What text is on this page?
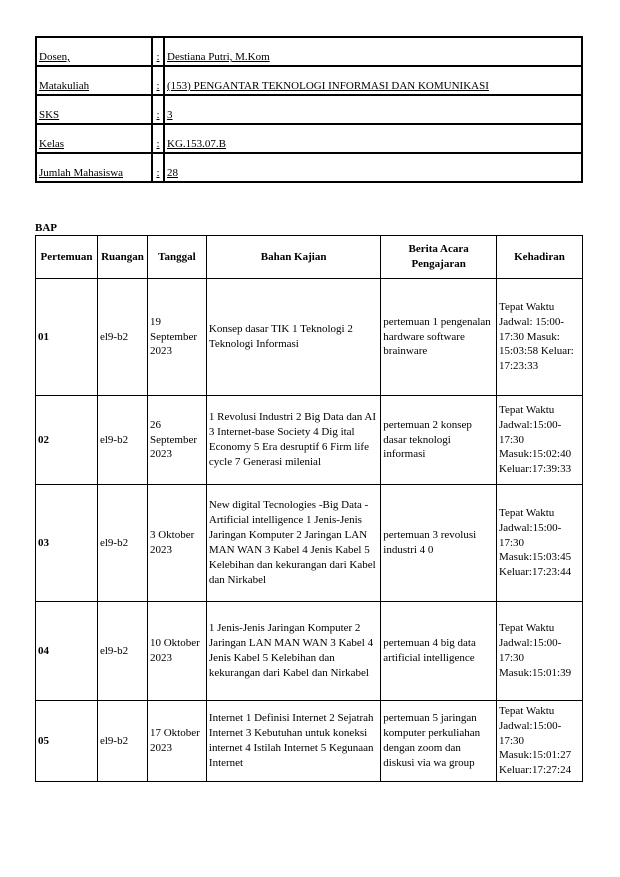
Dosen,	:	Destiana Putri, M.Kom
Matakuliah	:	(153) PENGANTAR TEKNOLOGI INFORMASI DAN KOMUNIKASI
SKS	:	3
Kelas	:	KG.153.07.B
Jumlah Mahasiswa	:	28
BAP
Pertemuan	Ruangan	Tanggal	Bahan Kajian	Berita Acara Pengajaran	Kehadiran
01	el9-b2	19 September 2023	Konsep dasar TIK 1 Teknologi 2 Teknologi Informasi	pertemuan 1 pengenalan hardware software brainware	Tepat Waktu Jadwal: 15:00-17:30 Masuk: 15:03:58 Keluar: 17:23:33
02	el9-b2	26 September 2023	1 Revolusi Industri 2 Big Data dan AI 3 Internet-base Society 4 Dig ital Economy 5 Era desruptif 6 Firm life cycle 7 Generasi milenial	pertemuan 2 konsep dasar teknologi informasi	Tepat Waktu Jadwal:15:00-17:30 Masuk:15:02:40 Keluar:17:39:33
03	el9-b2	3 Oktober 2023	New digital Tecnologies -Big Data -Artificial intelligence 1 Jenis-Jenis Jaringan Komputer 2 Jaringan LAN MAN WAN 3 Kabel 4 Jenis Kabel 5 Kelebihan dan kekurangan dari Kabel dan Nirkabel	pertemuan 3 revolusi industri 4 0	Tepat Waktu Jadwal:15:00-17:30 Masuk:15:03:45 Keluar:17:23:44
04	el9-b2	10 Oktober 2023	1 Jenis-Jenis Jaringan Komputer 2 Jaringan LAN MAN WAN 3 Kabel 4 Jenis Kabel 5 Kelebihan dan kekurangan dari Kabel dan Nirkabel	pertemuan 4 big data artificial intelligence	Tepat Waktu Jadwal:15:00-17:30 Masuk:15:01:39
05	el9-b2	17 Oktober 2023	Internet 1 Definisi Internet 2 Sejatrah Internet 3 Kebutuhan untuk koneksi internet 4 Istilah Internet 5 Kegunaan Internet	pertemuan 5 jaringan komputer perkuliahan dengan zoom dan diskusi via wa group	Tepat Waktu Jadwal:15:00-17:30 Masuk:15:01:27 Keluar:17:27:24
